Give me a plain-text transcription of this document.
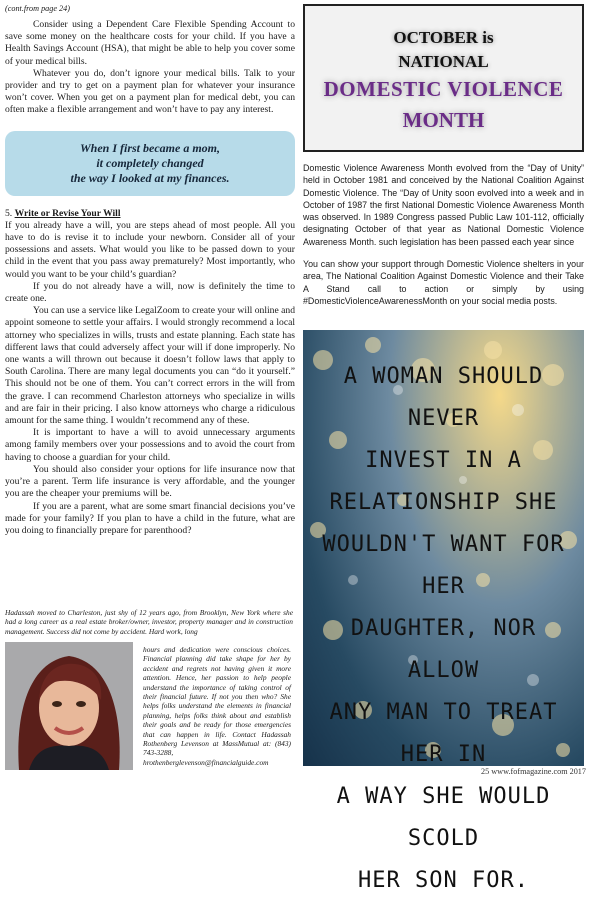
(cont.from page 24)

Consider using a Dependent Care Flexible Spending Account to save some money on the healthcare costs for your child. If you have a Health Savings Account (HSA), that might be able to help you cover some of your medical bills.

Whatever you do, don’t ignore your medical bills. Talk to your provider and try to get on a payment plan for whatever your insurance won’t cover. When you get on a payment plan for medical debt, you can often make a flexible arrangement and won’t have to pay any interest.

When I first became a mom,
it completely changed
the way I looked at my finances.

5. Write or Revise Your Will

If you already have a will, you are steps ahead of most people. All you have to do is revise it to include your newborn. Consider all of your possessions and assets. What would you like to be passed down to your child in the event that you pass away prematurely? Most importantly, who would you want to be your child’s guardian?

If you do not already have a will, now is definitely the time to create one.

You can use a service like LegalZoom to create your will online and appoint someone to settle your affairs. I would strongly recommend a local attorney who specializes in wills, trusts and estate planning. Each state has different laws that could adversely affect your will if done improperly. No one wants a will thrown out because it doesn’t follow laws that apply to South Carolina. There are many legal documents you can “do it yourself.” This should not be one of them. You can’t correct errors in the will from the grave. I can recommend Charleston attorneys who specialize in wills and are fair in their pricing. I also know attorneys who charge a ridiculous amount for the same thing. I wouldn’t recommend any of these.

It is important to have a will to avoid unnecessary arguments among family members over your possessions and to avoid the court from having to choose a guardian for your child.

You should also consider your options for life insurance now that you’re a parent. Term life insurance is very affordable, and the younger you are the cheaper your premiums will be.

If you are a parent, what are some smart financial decisions you’ve made for your family? If you plan to have a child in the future, what are you doing to financially prepare for parenthood?

Hadassah moved to Charleston, just shy of 12 years ago, from Brooklyn, New York where she had a long career as a real estate broker/owner, investor, property manager and in construction management. Success did not come by accident. Hard work, long

hours and dedication were conscious choices. Financial planning did take shape for her by accident and regrets not having given it more attention. Hence, her passion to help people understand the importance of taking control of their financial future. If not you then who? She helps folks understand the elements in financial planning, helps folks think about and establish their goals and be ready for those emergencies that can happen in life. Contact Hadassah Rothenberg Levenson at MassMutual at: (843) 743-3288, hrothenberglevenson@financialguide.com

OCTOBER is
NATIONAL
DOMESTIC VIOLENCE
MONTH

Domestic Violence Awareness Month evolved from the “Day of Unity” held in October 1981 and conceived by the National Coalition Against Domestic Violence. The “Day of Unity soon evolved into a week and in October of 1987 the first National Domestic Violence Awareness Month was observed. In 1989 Congress passed Public Law 101-112, officially designating October of that year as National Domestic Violence Awareness Month. such legislation has been passed each year since

You can show your support through Domestic Violence shelters in your area, The National Coalition Against Domestic Violence and their Take A Stand call to action or simply by using #DomesticViolenceAwarenessMonth on your social media posts.

A WOMAN SHOULD NEVER
INVEST IN A
RELATIONSHIP SHE
WOULDN'T WANT FOR HER
DAUGHTER, NOR ALLOW
ANY MAN TO TREAT HER IN
A WAY SHE WOULD SCOLD
HER SON FOR.
25 www.fofmagazine.com 2017
